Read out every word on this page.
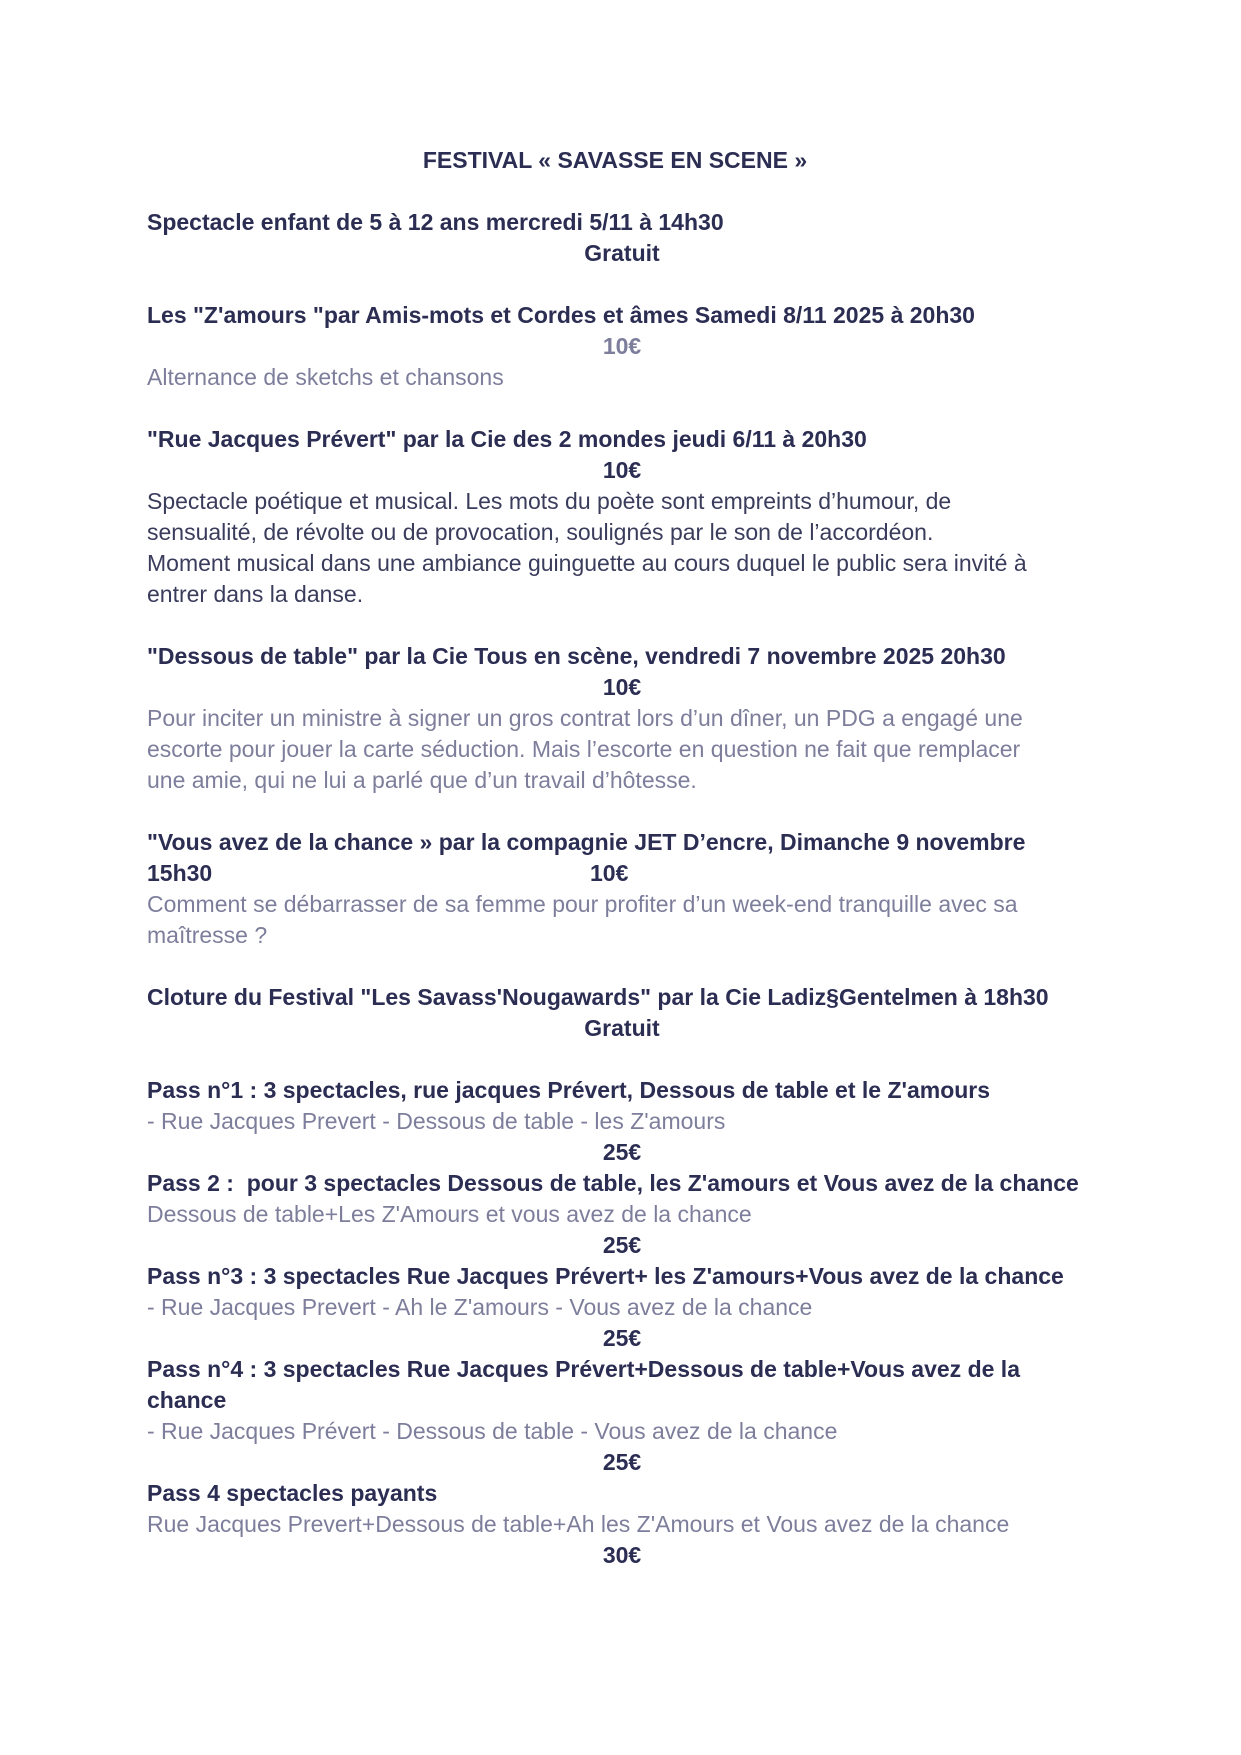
FESTIVAL « SAVASSE EN SCENE »
Spectacle enfant de 5 à 12 ans mercredi 5/11 à 14h30
Gratuit
Les "Z'amours "par Amis-mots et Cordes et âmes Samedi 8/11 2025 à 20h30
10€
Alternance de sketchs et chansons
"Rue Jacques Prévert" par la Cie des 2 mondes jeudi 6/11 à 20h30
10€
Spectacle poétique et musical. Les mots du poète sont empreints d’humour, de
sensualité, de révolte ou de provocation, soulignés par le son de l’accordéon.
Moment musical dans une ambiance guinguette au cours duquel le public sera invité à
entrer dans la danse.
"Dessous de table" par la Cie Tous en scène, vendredi 7 novembre 2025 20h30
10€
Pour inciter un ministre à signer un gros contrat lors d’un dîner, un PDG a engagé une
escorte pour jouer la carte séduction. Mais l’escorte en question ne fait que remplacer
une amie, qui ne lui a parlé que d’un travail d’hôtesse.
"Vous avez de la chance » par la compagnie JET D’encre, Dimanche 9 novembre
15h30	10€
Comment se débarrasser de sa femme pour profiter d’un week-end tranquille avec sa
maîtresse ?
Cloture du Festival "Les Savass'Nougawards" par la Cie Ladiz§Gentelmen à 18h30
Gratuit
Pass n°1 : 3 spectacles, rue jacques Prévert, Dessous de table et le Z'amours
- Rue Jacques Prevert - Dessous de table - les Z'amours
25€
Pass 2 :  pour 3 spectacles Dessous de table, les Z'amours et Vous avez de la chance
Dessous de table+Les Z'Amours et vous avez de la chance
25€
Pass n°3 : 3 spectacles Rue Jacques Prévert+ les Z'amours+Vous avez de la chance
- Rue Jacques Prevert - Ah le Z'amours - Vous avez de la chance
25€
Pass n°4 : 3 spectacles Rue Jacques Prévert+Dessous de table+Vous avez de la
chance
- Rue Jacques Prévert - Dessous de table - Vous avez de la chance
25€
Pass 4 spectacles payants
Rue Jacques Prevert+Dessous de table+Ah les Z'Amours et Vous avez de la chance
30€
